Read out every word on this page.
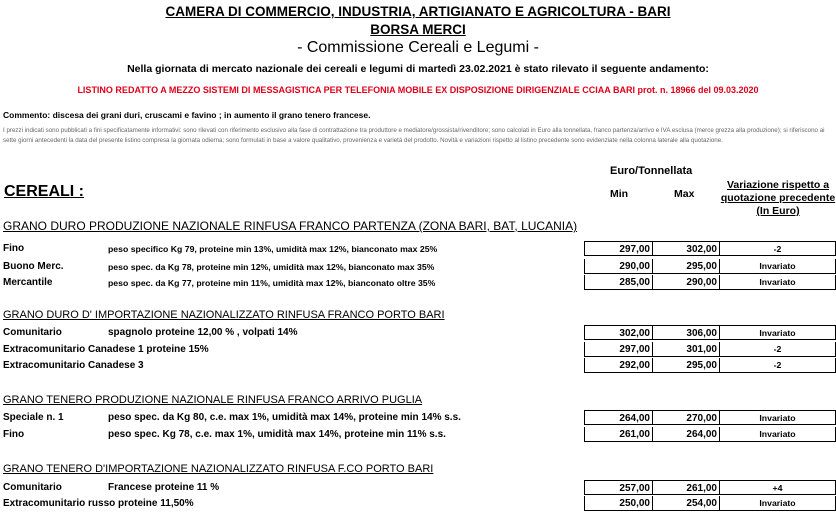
CAMERA DI COMMERCIO, INDUSTRIA, ARTIGIANATO E AGRICOLTURA - BARI
BORSA MERCI
- Commissione Cereali e Legumi -
Nella giornata di mercato nazionale dei cereali e legumi di martedì 23.02.2021 è stato rilevato il seguente andamento:
LISTINO REDATTO A MEZZO SISTEMI DI MESSAGISTICA PER TELEFONIA MOBILE EX DISPOSIZIONE DIRIGENZIALE CCIAA BARI prot. n. 18966 del 09.03.2020
Commento: discesa dei grani duri, cruscami e favino ; in aumento il grano tenero francese.
I prezzi indicati sono pubblicati a fini specificatamente informativi: sono rilevati con riferimento esclusivo alla fase di contrattazione tra produttore e mediatore/grossista/rivenditore; sono calcolati in Euro alla tonnellata, franco partenza/arrivo e IVA esclusa (merce grezza alla produzione); si riferiscono ai sette giorni antecedenti la data del presente listino compresa la giornata odierna; sono formulati in base a valore qualitativo, provenienza e varietà del prodotto. Novità e variazioni rispetto al listino precedente sono evidenziate nella colonna laterale alla quotazione.
Euro/Tonnellata
Min	Max
Variazione rispetto a quotazione precedente (In Euro)
CEREALI :
GRANO DURO PRODUZIONE NAZIONALE RINFUSA FRANCO PARTENZA (ZONA BARI, BAT, LUCANIA)
Fino	peso specifico Kg 79, proteine min 13%, umidità max 12%, bianconato max 25%	297,00	302,00	-2
Buono Merc.	peso spec. da Kg 78, proteine min 12%, umidità max 12%, bianconato max 35%	290,00	295,00	Invariato
Mercantile	peso spec. da Kg 77, proteine min 11%, umidità max 12%, bianconato oltre 35%	285,00	290,00	Invariato
GRANO DURO D' IMPORTAZIONE NAZIONALIZZATO RINFUSA FRANCO PORTO BARI
Comunitario	spagnolo proteine 12,00 % , volpati 14%	302,00	306,00	Invariato
Extracomunitario Canadese 1 proteine 15%	297,00	301,00	-2
Extracomunitario Canadese 3	292,00	295,00	-2
GRANO TENERO PRODUZIONE NAZIONALE RINFUSA FRANCO ARRIVO PUGLIA
Speciale n. 1	peso spec. da Kg 80, c.e. max 1%, umidità max 14%, proteine min 14% s.s.	264,00	270,00	Invariato
Fino	peso spec. Kg 78, c.e. max 1%, umidità max 14%, proteine min 11% s.s.	261,00	264,00	Invariato
GRANO TENERO D'IMPORTAZIONE NAZIONALIZZATO RINFUSA F.CO PORTO BARI
Comunitario	Francese proteine 11 %	257,00	261,00	+4
Extracomunitario russo proteine 11,50%	250,00	254,00	Invariato
